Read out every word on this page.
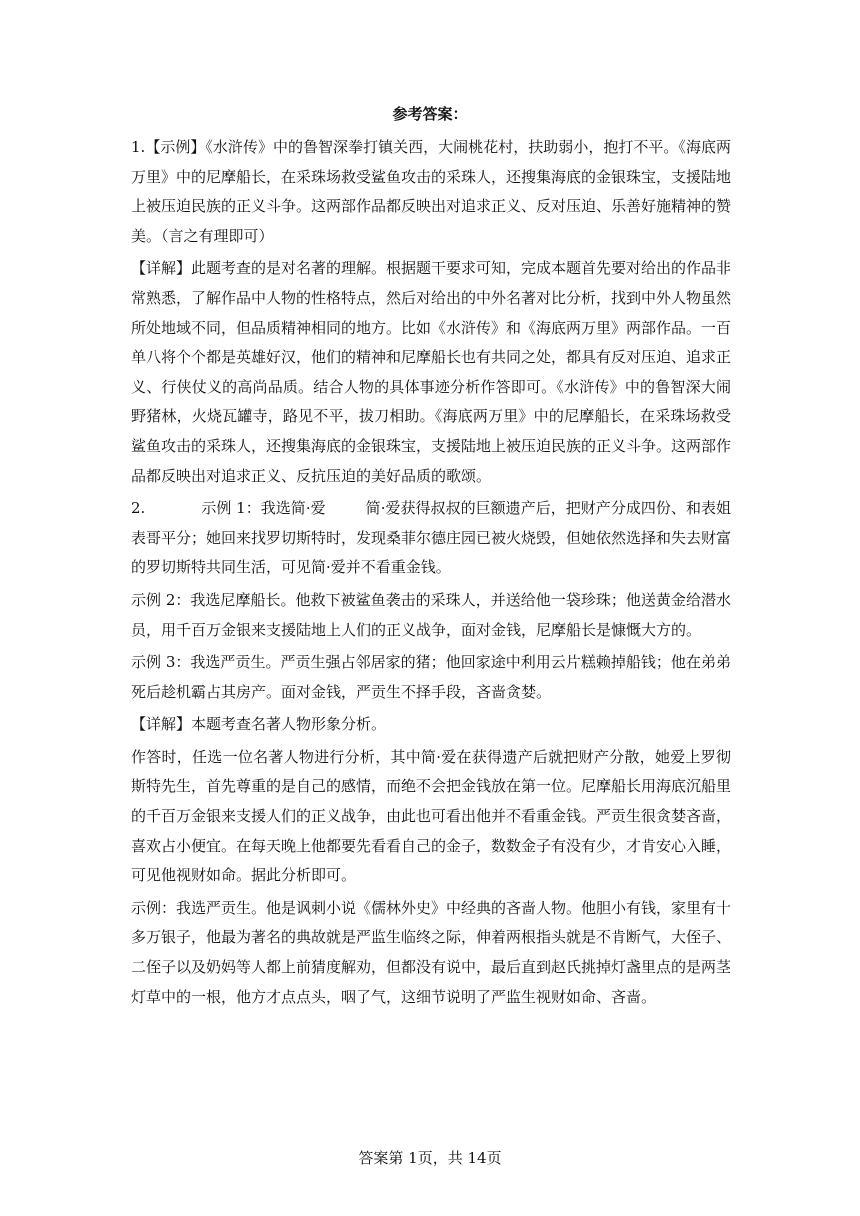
参考答案：

1.【示例】《水浒传》中的鲁智深拳打镇关西，大闹桃花村，扶助弱小，抱打不平。《海底两万里》中的尼摩船长，在采珠场救受鲨鱼攻击的采珠人，还搜集海底的金银珠宝，支援陆地上被压迫民族的正义斗争。这两部作品都反映出对追求正义、反对压迫、乐善好施精神的赞美。（言之有理即可）

【详解】此题考查的是对名著的理解。根据题干要求可知，完成本题首先要对给出的作品非常熟悉，了解作品中人物的性格特点，然后对给出的中外名著对比分析，找到中外人物虽然所处地域不同，但品质精神相同的地方。比如《水浒传》和《海底两万里》两部作品。一百单八将个个都是英雄好汉，他们的精神和尼摩船长也有共同之处，都具有反对压迫、追求正义、行侠仗义的高尚品质。结合人物的具体事迹分析作答即可。《水浒传》中的鲁智深大闹野猪林，火烧瓦罐寺，路见不平，拔刀相助。《海底两万里》中的尼摩船长，在采珠场救受鲨鱼攻击的采珠人，还搜集海底的金银珠宝，支援陆地上被压迫民族的正义斗争。这两部作品都反映出对追求正义、反抗压迫的美好品质的歌颂。

2.	示例 1：我选简·爱	简·爱获得叔叔的巨额遗产后，把财产分成四份、和表姐表哥平分；她回来找罗切斯特时，发现桑菲尔德庄园已被火烧毁，但她依然选择和失去财富的罗切斯特共同生活，可见简·爱并不看重金钱。

示例 2：我选尼摩船长。他救下被鲨鱼袭击的采珠人，并送给他一袋珍珠；他送黄金给潜水员，用千百万金银来支援陆地上人们的正义战争，面对金钱，尼摩船长是慷慨大方的。

示例 3：我选严贡生。严贡生强占邻居家的猪；他回家途中利用云片糕赖掉船钱；他在弟弟死后趁机霸占其房产。面对金钱，严贡生不择手段，吝啬贪婪。

【详解】本题考查名著人物形象分析。

作答时，任选一位名著人物进行分析，其中简·爱在获得遗产后就把财产分散，她爱上罗彻斯特先生，首先尊重的是自己的感情，而绝不会把金钱放在第一位。尼摩船长用海底沉船里的千百万金银来支援人们的正义战争，由此也可看出他并不看重金钱。严贡生很贪婪吝啬，喜欢占小便宜。在每天晚上他都要先看看自己的金子，数数金子有没有少，才肯安心入睡，可见他视财如命。据此分析即可。

示例：我选严贡生。他是讽刺小说《儒林外史》中经典的吝啬人物。他胆小有钱，家里有十多万银子，他最为著名的典故就是严监生临终之际，伸着两根指头就是不肯断气，大侄子、二侄子以及奶妈等人都上前猜度解劝，但都没有说中，最后直到赵氏挑掉灯盏里点的是两茎灯草中的一根，他方才点点头，咽了气，这细节说明了严监生视财如命、吝啬。

答案第 1页，共 14页
